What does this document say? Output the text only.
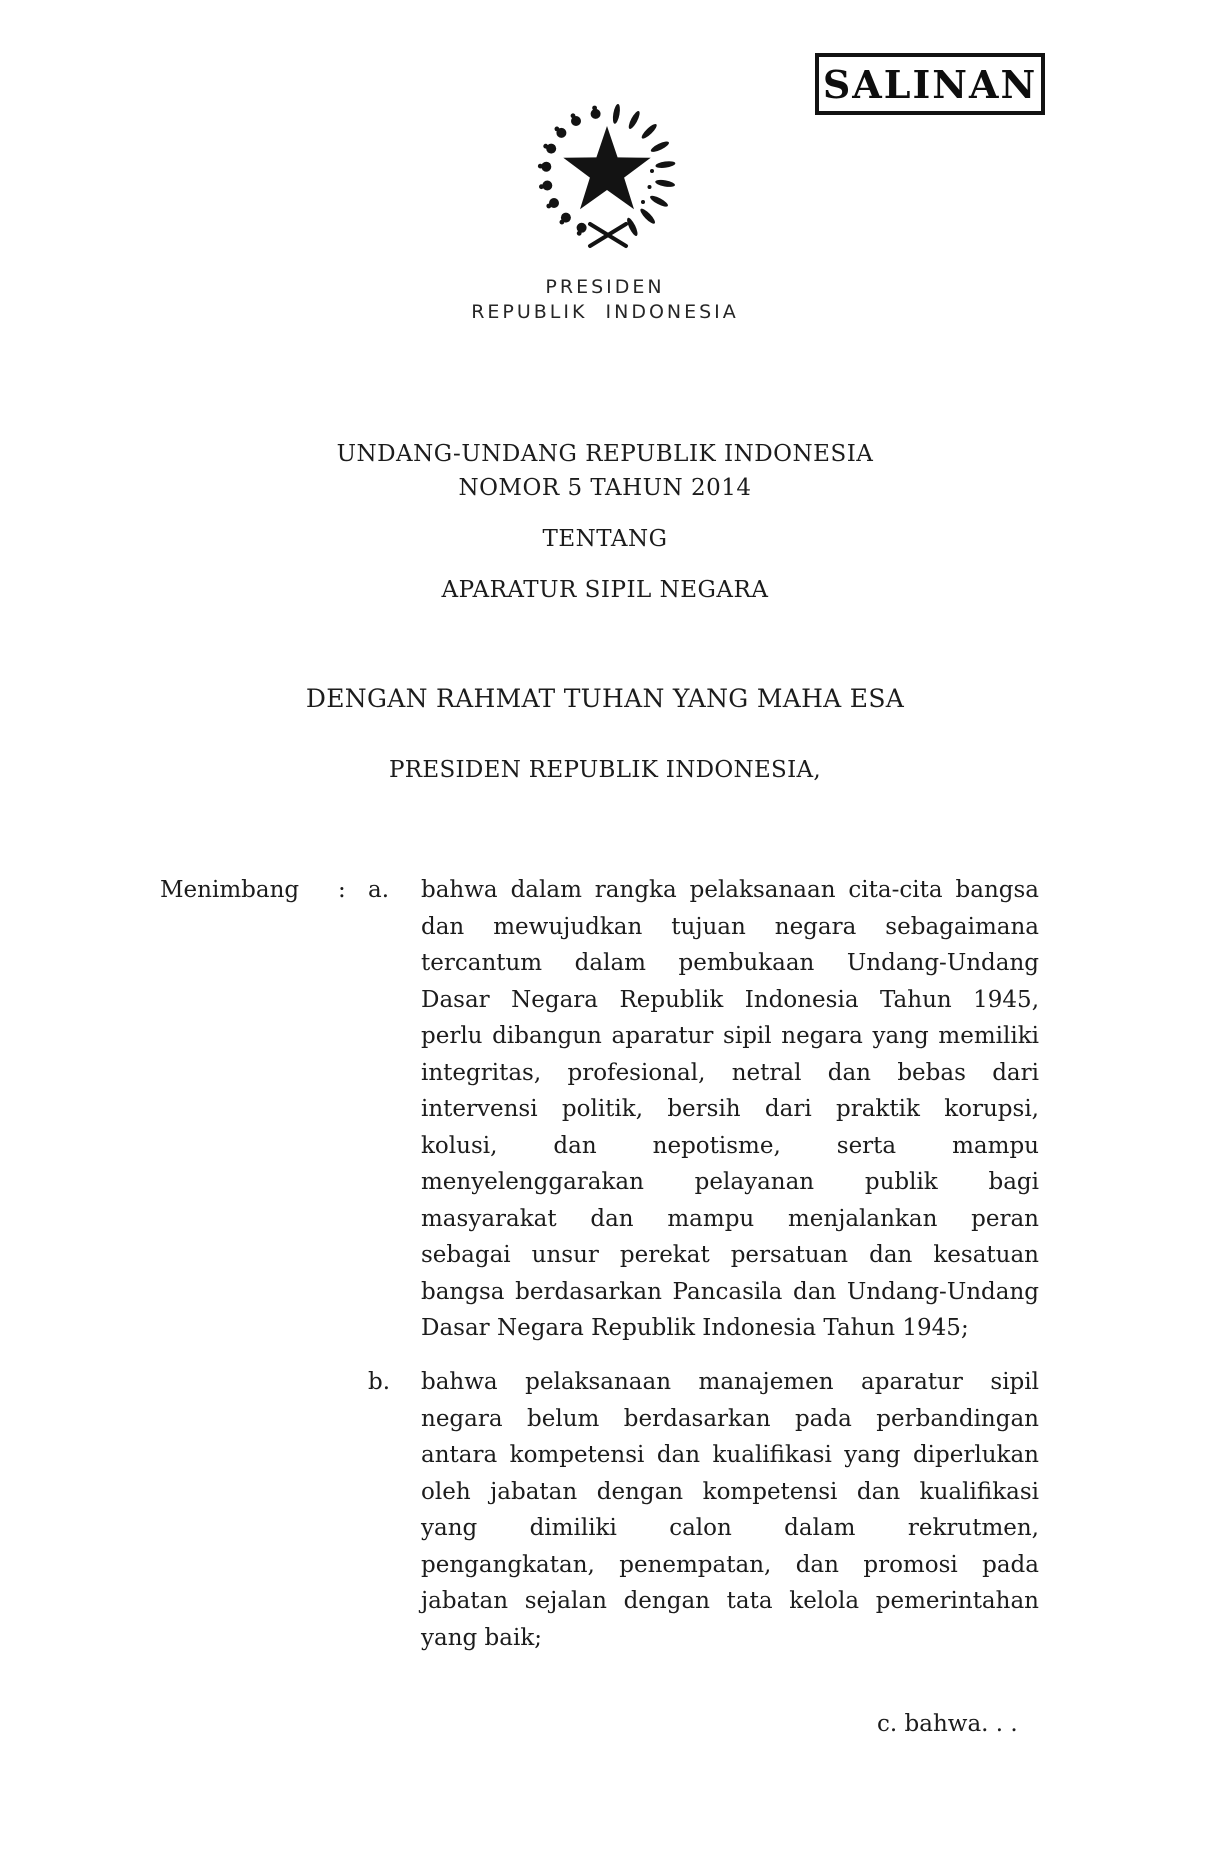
SALINAN
PRESIDEN
REPUBLIK INDONESIA
UNDANG-UNDANG REPUBLIK INDONESIA
NOMOR 5 TAHUN 2014
TENTANG
APARATUR SIPIL NEGARA
DENGAN RAHMAT TUHAN YANG MAHA ESA
PRESIDEN REPUBLIK INDONESIA,
Menimbang : a. bahwa dalam rangka pelaksanaan cita-cita bangsa
dan mewujudkan tujuan negara sebagaimana
tercantum dalam pembukaan Undang-Undang
Dasar Negara Republik Indonesia Tahun 1945,
perlu dibangun aparatur sipil negara yang memiliki
integritas, profesional, netral dan bebas dari
intervensi politik, bersih dari praktik korupsi,
kolusi, dan nepotisme, serta mampu
menyelenggarakan pelayanan publik bagi
masyarakat dan mampu menjalankan peran
sebagai unsur perekat persatuan dan kesatuan
bangsa berdasarkan Pancasila dan Undang-Undang
Dasar Negara Republik Indonesia Tahun 1945;
b. bahwa pelaksanaan manajemen aparatur sipil
negara belum berdasarkan pada perbandingan
antara kompetensi dan kualifikasi yang diperlukan
oleh jabatan dengan kompetensi dan kualifikasi
yang dimiliki calon dalam rekrutmen,
pengangkatan, penempatan, dan promosi pada
jabatan sejalan dengan tata kelola pemerintahan
yang baik;
c. bahwa. . .
